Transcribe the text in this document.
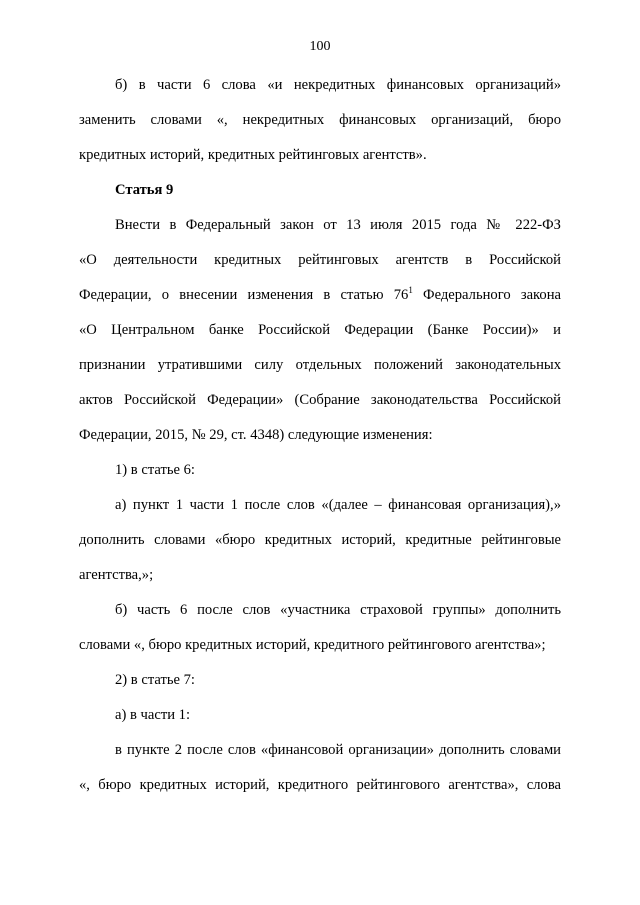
100
б) в части 6 слова «и некредитных финансовых организаций»
заменить словами «, некредитных финансовых организаций, бюро
кредитных историй, кредитных рейтинговых агентств».
Статья 9
Внести в Федеральный закон от 13 июля 2015 года № 222-ФЗ
«О деятельности кредитных рейтинговых агентств в Российской
Федерации, о внесении изменения в статью $76^1$ Федерального закона
«О Центральном банке Российской Федерации (Банке России)» и
признании утратившими силу отдельных положений законодательных
актов Российской Федерации» (Собрание законодательства Российской
Федерации, 2015, № 29, ст. 4348) следующие изменения:
1) в статье 6:
а) пункт 1 части 1 после слов «(далее – финансовая организация),»
дополнить словами «бюро кредитных историй, кредитные рейтинговые
агентства,»;
б) часть 6 после слов «участника страховой группы» дополнить
словами «, бюро кредитных историй, кредитного рейтингового агентства»;
2) в статье 7:
а) в части 1:
в пункте 2 после слов «финансовой организации» дополнить словами
«, бюро кредитных историй, кредитного рейтингового агентства», слова
